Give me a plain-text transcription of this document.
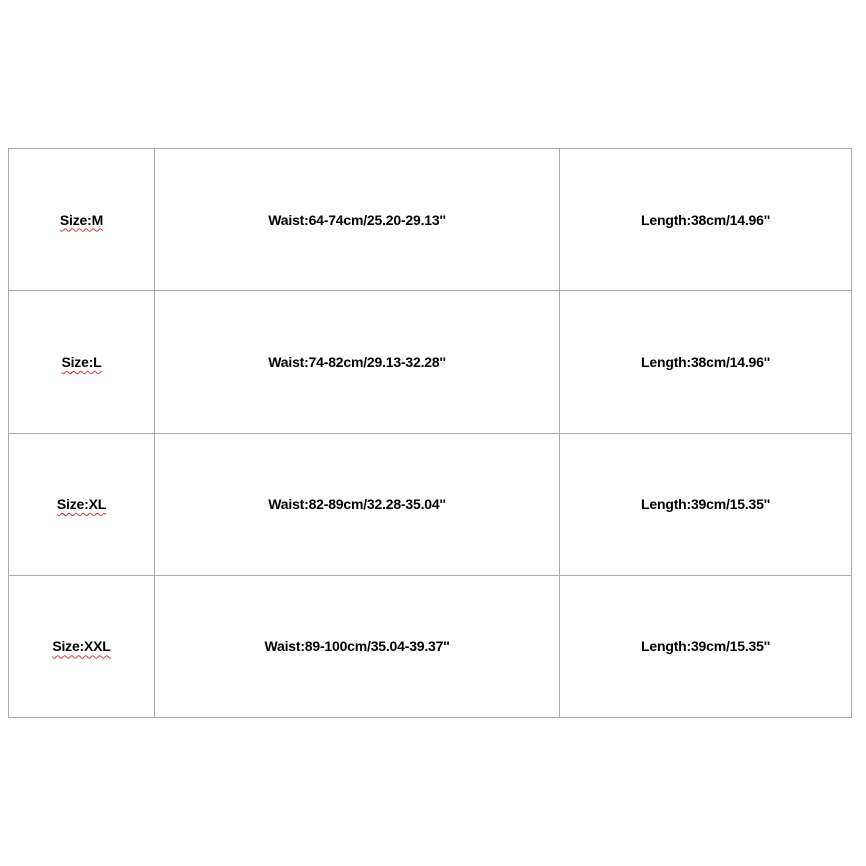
Size:M	Waist:64-74cm/25.20-29.13''	Length:38cm/14.96''
Size:L	Waist:74-82cm/29.13-32.28''	Length:38cm/14.96''
Size:XL	Waist:82-89cm/32.28-35.04''	Length:39cm/15.35''
Size:XXL	Waist:89-100cm/35.04-39.37''	Length:39cm/15.35''
